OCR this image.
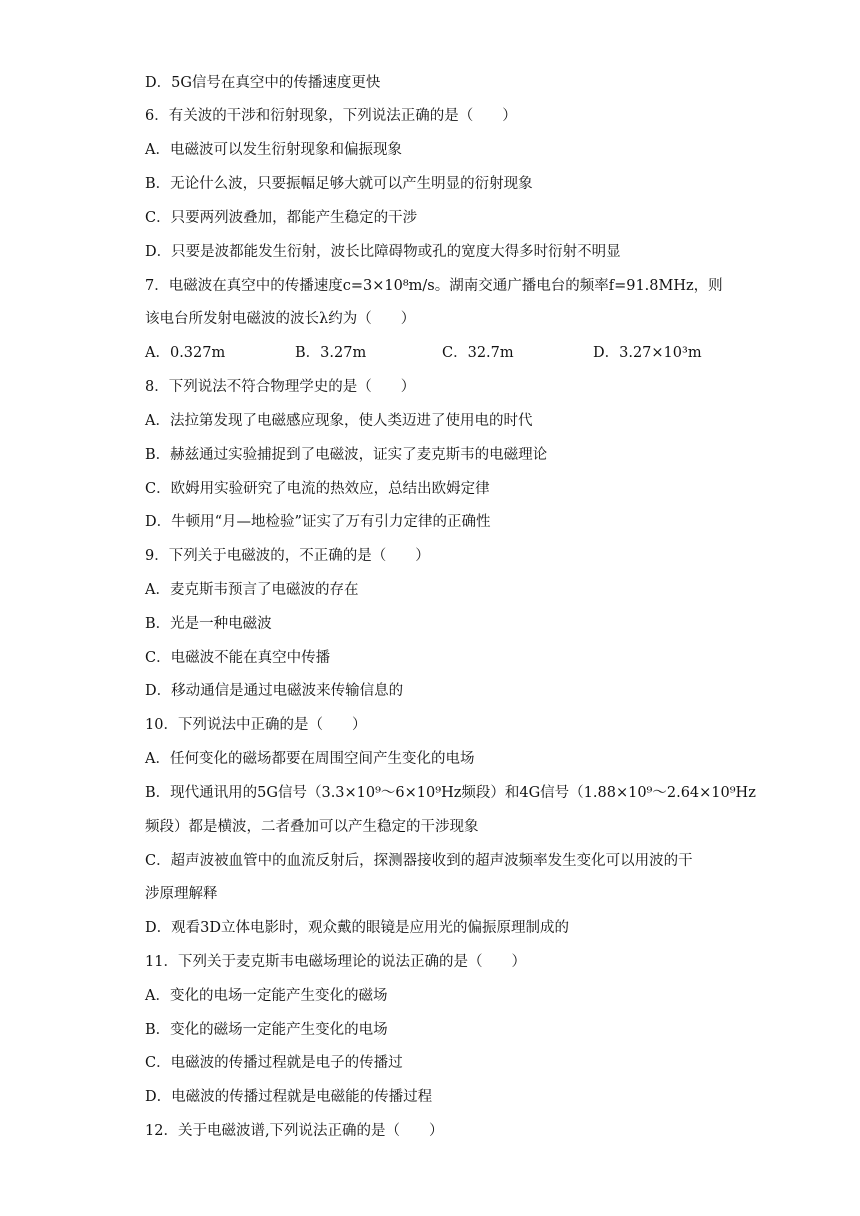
D．5G信号在真空中的传播速度更快
6．有关波的干涉和衍射现象，下列说法正确的是（　　）
A．电磁波可以发生衍射现象和偏振现象
B．无论什么波，只要振幅足够大就可以产生明显的衍射现象
C．只要两列波叠加，都能产生稳定的干涉
D．只要是波都能发生衍射，波长比障碍物或孔的宽度大得多时衍射不明显
7．电磁波在真空中的传播速度c=3×10⁸m/s。湖南交通广播电台的频率f=91.8MHz，则
该电台所发射电磁波的波长λ约为（　　）
A．0.327m	B．3.27m	C．32.7m	D．3.27×10³m
8．下列说法不符合物理学史的是（　　）
A．法拉第发现了电磁感应现象，使人类迈进了使用电的时代
B．赫兹通过实验捕捉到了电磁波，证实了麦克斯韦的电磁理论
C．欧姆用实验研究了电流的热效应，总结出欧姆定律
D．牛顿用“月—地检验”证实了万有引力定律的正确性
9．下列关于电磁波的，不正确的是（　　）
A．麦克斯韦预言了电磁波的存在
B．光是一种电磁波
C．电磁波不能在真空中传播
D．移动通信是通过电磁波来传输信息的
10．下列说法中正确的是（　　）
A．任何变化的磁场都要在周围空间产生变化的电场
B．现代通讯用的5G信号（3.3×10⁹～6×10⁹Hz频段）和4G信号（1.88×10⁹～2.64×10⁹Hz
频段）都是横波，二者叠加可以产生稳定的干涉现象
C．超声波被血管中的血流反射后，探测器接收到的超声波频率发生变化可以用波的干
涉原理解释
D．观看3D立体电影时，观众戴的眼镜是应用光的偏振原理制成的
11．下列关于麦克斯韦电磁场理论的说法正确的是（　　）
A．变化的电场一定能产生变化的磁场
B．变化的磁场一定能产生变化的电场
C．电磁波的传播过程就是电子的传播过
D．电磁波的传播过程就是电磁能的传播过程
12．关于电磁波谱,下列说法正确的是（　　）
